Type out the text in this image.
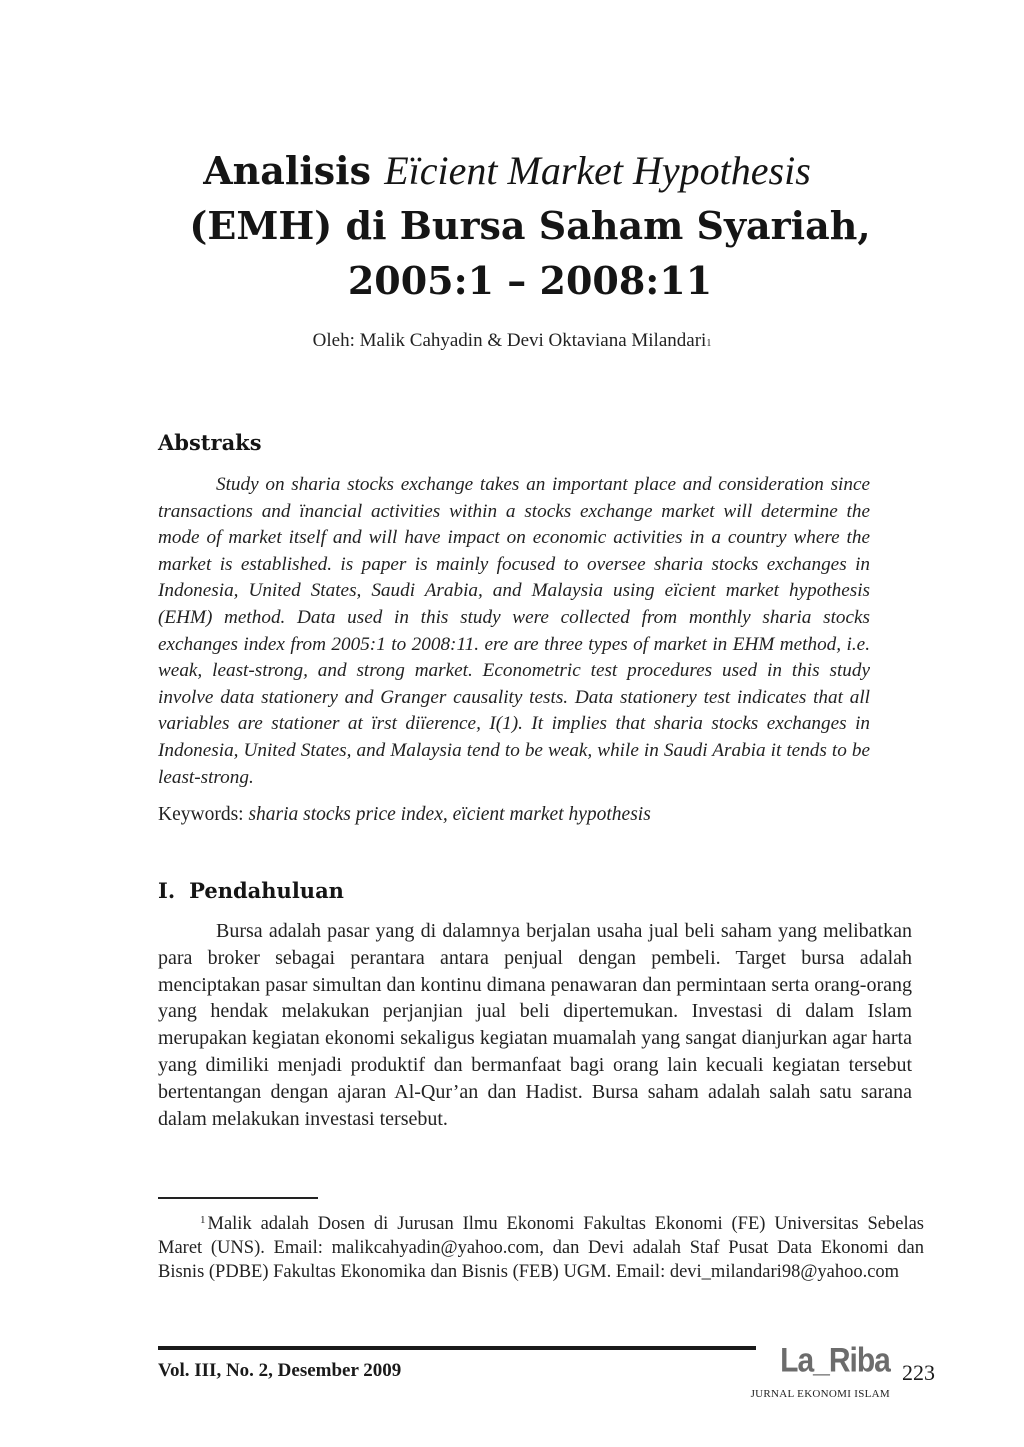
Analisis Eïcient Market Hypothesis
(EMH) di Bursa Saham Syariah,
2005:1 – 2008:11
Oleh: Malik Cahyadin & Devi Oktaviana Milandari1
Abstraks

Study on sharia stocks exchange takes an important place and consideration since transactions and ïnancial activities within a stocks exchange market will determine the mode of market itself and will have impact on economic activities in a country where the market is established. is paper is mainly focused to oversee sharia stocks exchanges in Indonesia, United States, Saudi Arabia, and Malaysia using eïcient market hypothesis (EHM) method. Data used in this study were collected from monthly sharia stocks exchanges index from 2005:1 to 2008:11. ere are three types of market in EHM method, i.e. weak, least-strong, and strong market. Econometric test procedures used in this study involve data stationery and Granger causality tests. Data stationery test indicates that all variables are stationer at ïrst diïerence, I(1). It implies that sharia stocks exchanges in Indonesia, United States, and Malaysia tend to be weak, while in Saudi Arabia it tends to be least-strong.

Keywords: sharia stocks price index, eïcient market hypothesis
I. Pendahuluan

Bursa adalah pasar yang di dalamnya berjalan usaha jual beli saham yang melibatkan para broker sebagai perantara antara penjual dengan pembeli. Target bursa adalah menciptakan pasar simultan dan kontinu dimana penawaran dan permintaan serta orang-orang yang hendak melakukan perjanjian jual beli dipertemukan. Investasi di dalam Islam merupakan kegiatan ekonomi sekaligus kegiatan muamalah yang sangat dianjurkan agar harta yang dimiliki menjadi produktif dan bermanfaat bagi orang lain kecuali kegiatan tersebut bertentangan dengan ajaran Al-Qur’an dan Hadist. Bursa saham adalah salah satu sarana dalam melakukan investasi tersebut.

$^1$ Malik adalah Dosen di Jurusan Ilmu Ekonomi Fakultas Ekonomi (FE) Universitas Sebelas Maret (UNS). Email: malikcahyadin@yahoo.com, dan Devi adalah Staf Pusat Data Ekonomi dan Bisnis (PDBE) Fakultas Ekonomika dan Bisnis (FEB) UGM. Email: devi_milandari98@yahoo.com

Vol. III, No. 2, Desember 2009	La_Riba
JURNAL EKONOMI ISLAM
223
